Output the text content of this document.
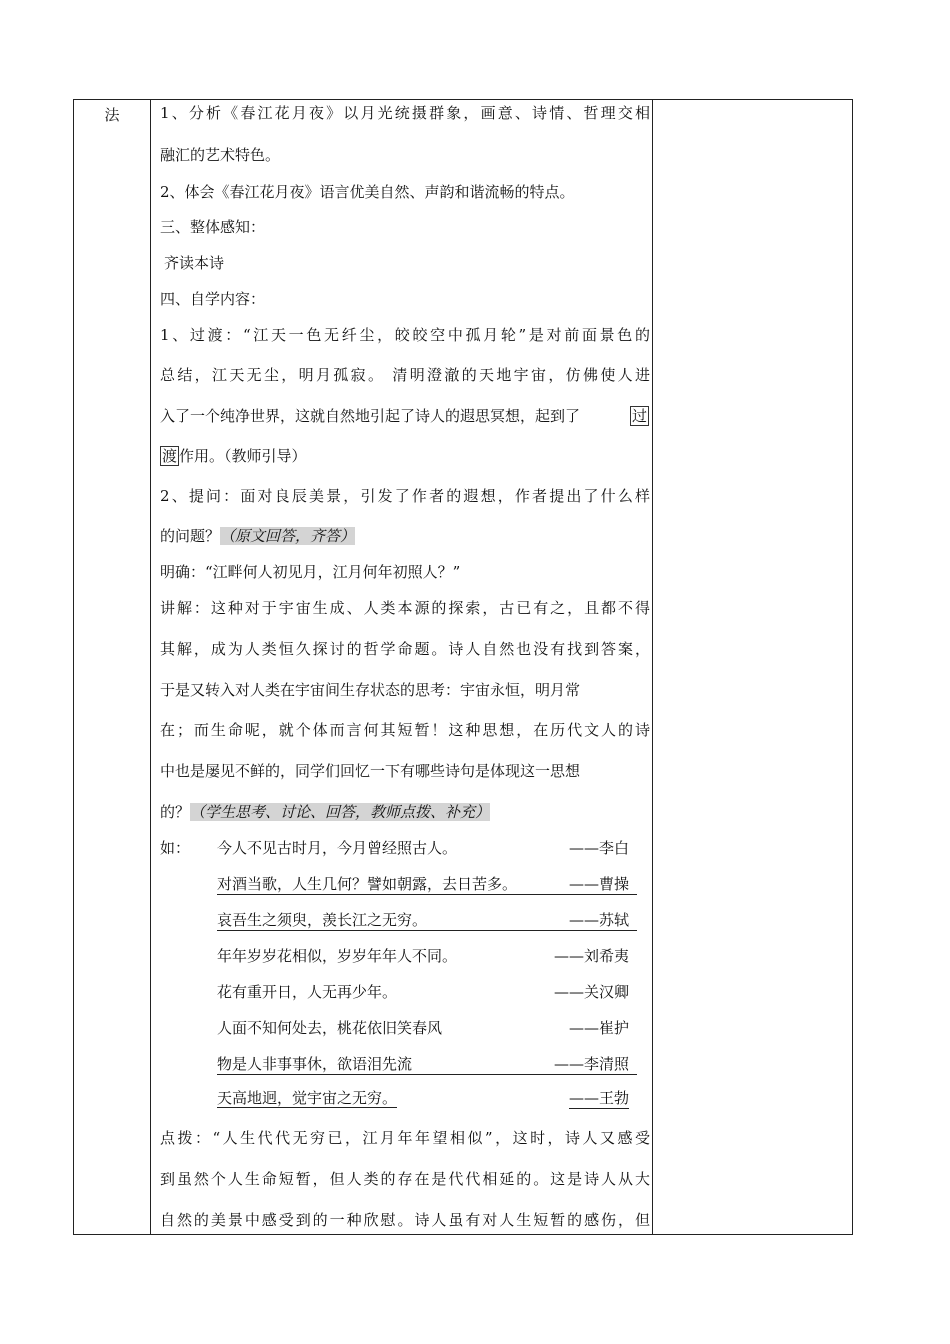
法	1、分析《春江花月夜》以月光统摄群象，画意、诗情、哲理交相
融汇的艺术特色。
2、体会《春江花月夜》语言优美自然、声韵和谐流畅的特点。
三、整体感知：
齐读本诗
四、自学内容：
1、过渡：“江天一色无纤尘，皎皎空中孤月轮”是对前面景色的
总结，江天无尘，明月孤寂。 清明澄澈的天地宇宙，仿佛使人进
入了一个纯净世界，这就自然地引起了诗人的遐思冥想，起到了	过
渡 作用。（教师引导）
2、提问：面对良辰美景，引发了作者的遐想，作者提出了什么样
的问题？（原文回答，齐答）
明确：“江畔何人初见月，江月何年初照人？”
讲解：这种对于宇宙生成、人类本源的探索，古已有之，且都不得
其解，成为人类恒久探讨的哲学命题。诗人自然也没有找到答案，
于是又转入对人类在宇宙间生存状态的思考：宇宙永恒，明月常
在；而生命呢，就个体而言何其短暂！这种思想，在历代文人的诗
中也是屡见不鲜的，同学们回忆一下有哪些诗句是体现这一思想
的？（学生思考、讨论、回答，教师点拨、补充）
如： 今人不见古时月，今月曾经照古人。	——李白
对酒当歌，人生几何？譬如朝露，去日苦多。	——曹操
哀吾生之须臾，羡长江之无穷。	——苏轼
年年岁岁花相似，岁岁年年人不同。	——刘希夷
花有重开日，人无再少年。	——关汉卿
人面不知何处去，桃花依旧笑春风	——崔护
物是人非事事休，欲语泪先流	——李清照
天高地迥，觉宇宙之无穷。	——王勃
点拨：“人生代代无穷已，江月年年望相似”，这时，诗人又感受
到虽然个人生命短暂，但人类的存在是代代相延的。这是诗人从大
自然的美景中感受到的一种欣慰。诗人虽有对人生短暂的感伤，但
